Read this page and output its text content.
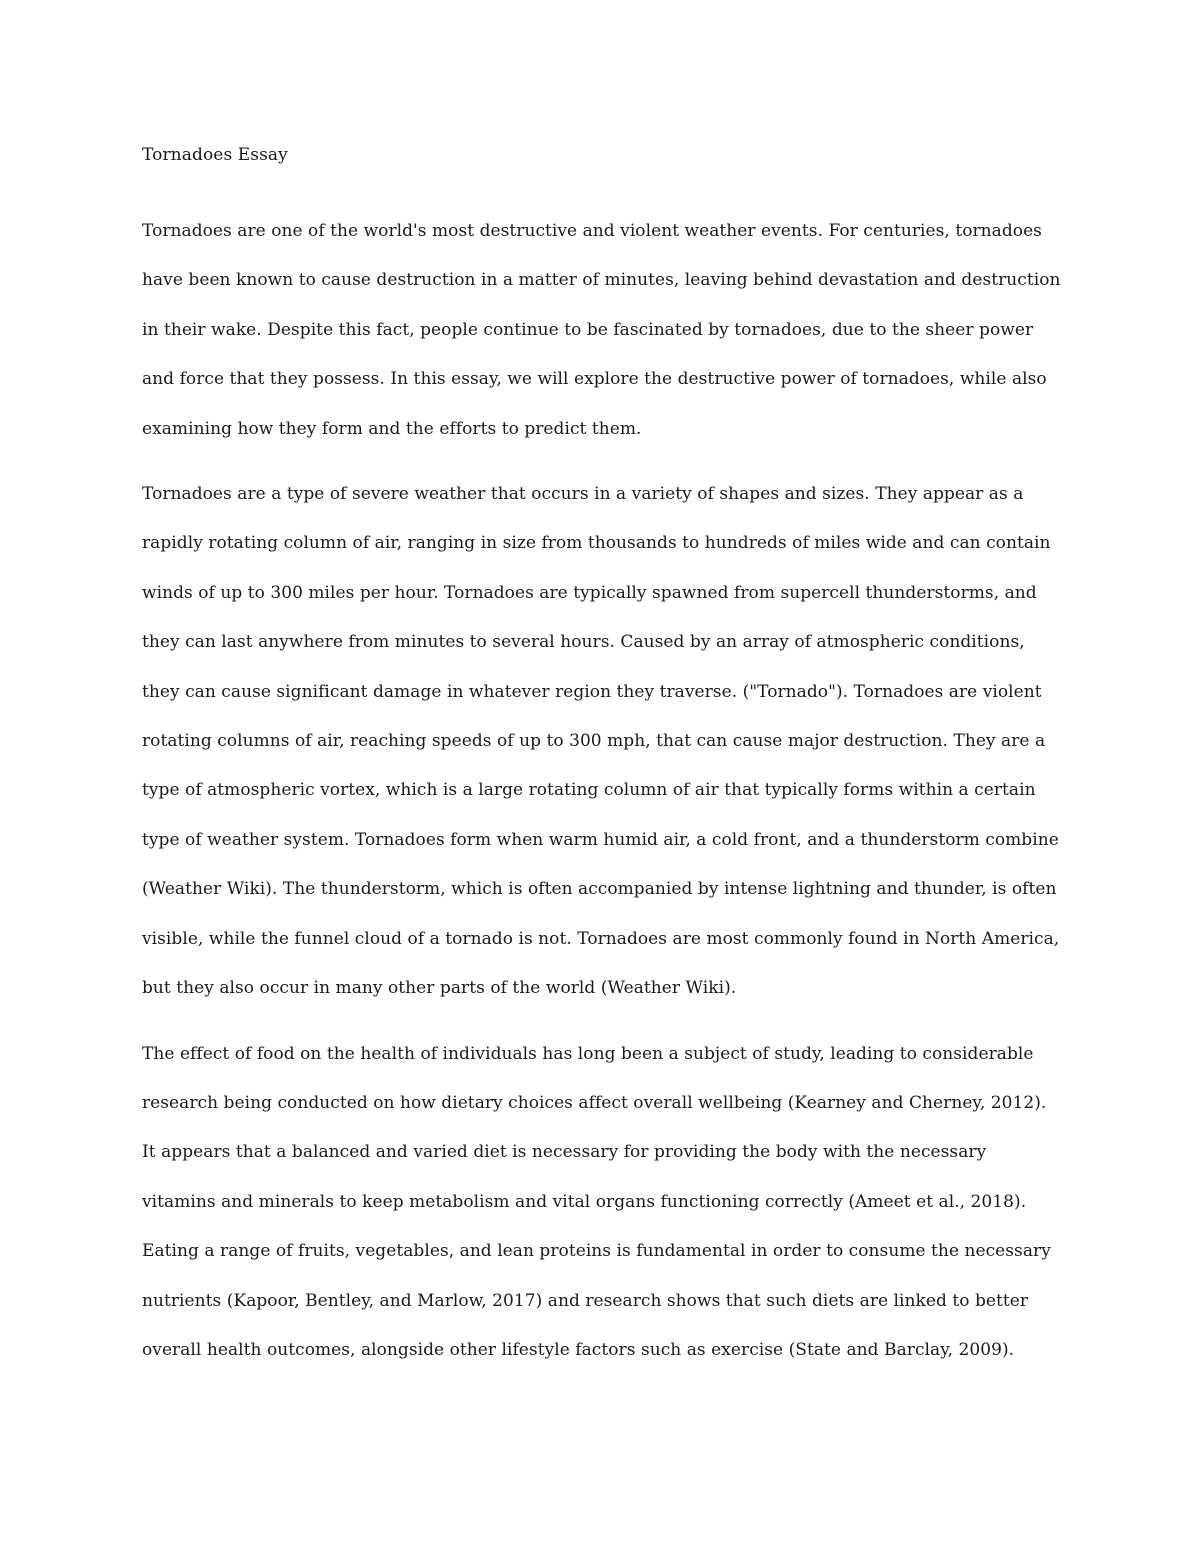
Tornadoes Essay

Tornadoes are one of the world's most destructive and violent weather events. For centuries, tornadoes have been known to cause destruction in a matter of minutes, leaving behind devastation and destruction in their wake. Despite this fact, people continue to be fascinated by tornadoes, due to the sheer power and force that they possess. In this essay, we will explore the destructive power of tornadoes, while also examining how they form and the efforts to predict them.

Tornadoes are a type of severe weather that occurs in a variety of shapes and sizes. They appear as a rapidly rotating column of air, ranging in size from thousands to hundreds of miles wide and can contain winds of up to 300 miles per hour. Tornadoes are typically spawned from supercell thunderstorms, and they can last anywhere from minutes to several hours. Caused by an array of atmospheric conditions, they can cause significant damage in whatever region they traverse. ("Tornado"). Tornadoes are violent rotating columns of air, reaching speeds of up to 300 mph, that can cause major destruction. They are a type of atmospheric vortex, which is a large rotating column of air that typically forms within a certain type of weather system. Tornadoes form when warm humid air, a cold front, and a thunderstorm combine (Weather Wiki). The thunderstorm, which is often accompanied by intense lightning and thunder, is often visible, while the funnel cloud of a tornado is not. Tornadoes are most commonly found in North America, but they also occur in many other parts of the world (Weather Wiki).

The effect of food on the health of individuals has long been a subject of study, leading to considerable research being conducted on how dietary choices affect overall wellbeing (Kearney and Cherney, 2012). It appears that a balanced and varied diet is necessary for providing the body with the necessary vitamins and minerals to keep metabolism and vital organs functioning correctly (Ameet et al., 2018). Eating a range of fruits, vegetables, and lean proteins is fundamental in order to consume the necessary nutrients (Kapoor, Bentley, and Marlow, 2017) and research shows that such diets are linked to better overall health outcomes, alongside other lifestyle factors such as exercise (State and Barclay, 2009).
